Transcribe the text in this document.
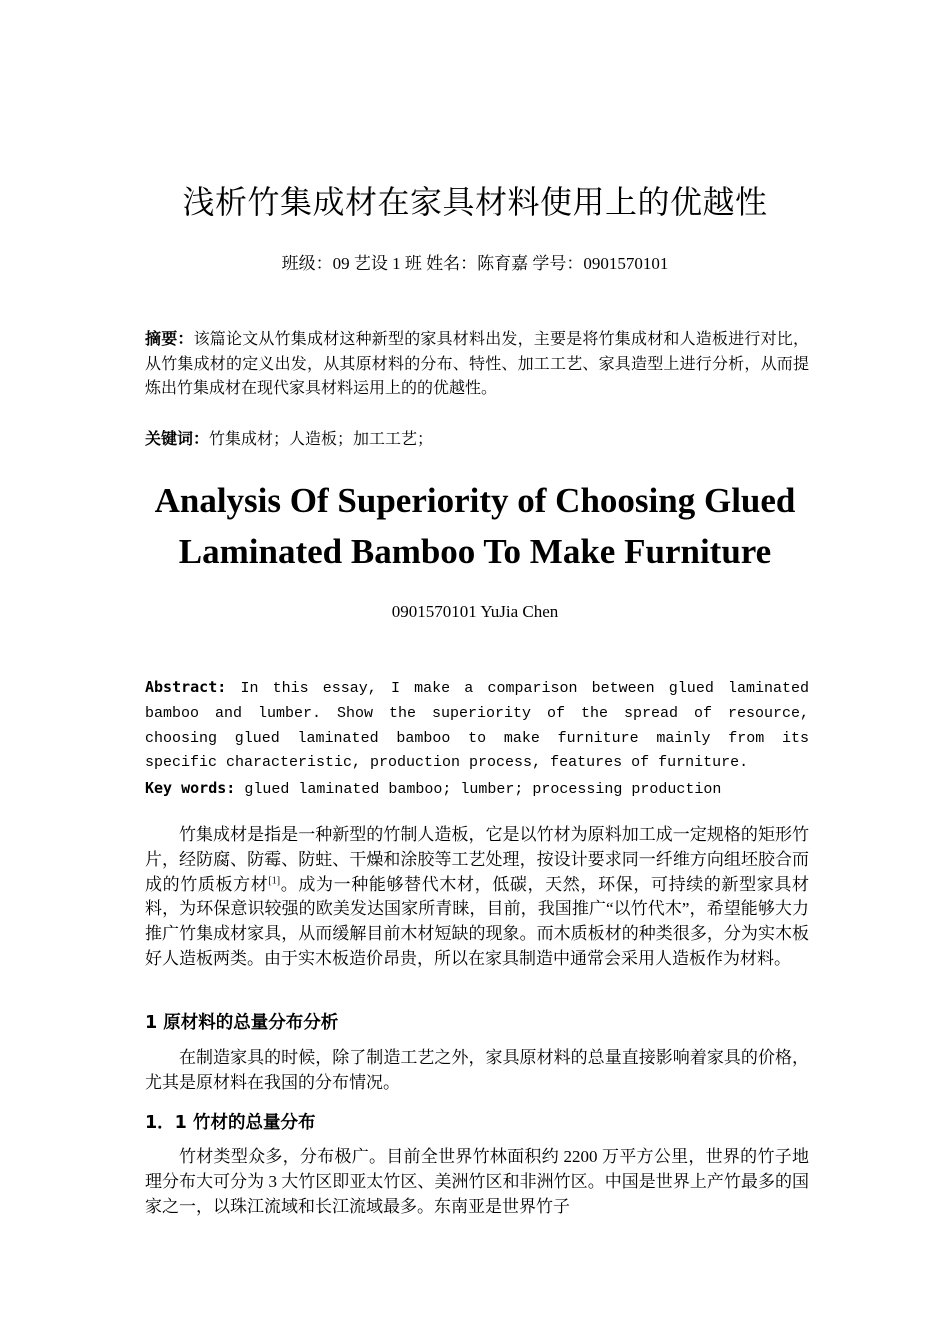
浅析竹集成材在家具材料使用上的优越性
班级：09 艺设 1 班 姓名：陈育嘉 学号：0901570101
摘要：该篇论文从竹集成材这种新型的家具材料出发，主要是将竹集成材和人造板进行对比，从竹集成材的定义出发，从其原材料的分布、特性、加工工艺、家具造型上进行分析，从而提炼出竹集成材在现代家具材料运用上的的优越性。
关键词：竹集成材；人造板；加工工艺；
Analysis Of Superiority of Choosing Glued Laminated Bamboo To Make Furniture
0901570101 YuJia Chen
Abstract: In this essay, I make a comparison between glued laminated bamboo and lumber. Show the superiority of the spread of resource, choosing glued laminated bamboo to make furniture mainly from its specific characteristic, production process, features of furniture.
Key words: glued laminated bamboo; lumber; processing production

竹集成材是指是一种新型的竹制人造板，它是以竹材为原料加工成一定规格的矩形竹片，经防腐、防霉、防蛀、干燥和涂胶等工艺处理，按设计要求同一纤维方向组坯胶合而成的竹质板方材[1]。成为一种能够替代木材，低碳，天然，环保，可持续的新型家具材料，为环保意识较强的欧美发达国家所青睐，目前，我国推广“以竹代木”，希望能够大力推广竹集成材家具，从而缓解目前木材短缺的现象。而木质板材的种类很多，分为实木板好人造板两类。由于实木板造价昂贵，所以在家具制造中通常会采用人造板作为材料。

1 原材料的总量分布分析

在制造家具的时候，除了制造工艺之外，家具原材料的总量直接影响着家具的价格，尤其是原材料在我国的分布情况。

1．1 竹材的总量分布

竹材类型众多，分布极广。目前全世界竹林面积约 2200 万平方公里，世界的竹子地理分布大可分为 3 大竹区即亚太竹区、美洲竹区和非洲竹区。中国是世界上产竹最多的国家之一，以珠江流域和长江流域最多。东南亚是世界竹子
